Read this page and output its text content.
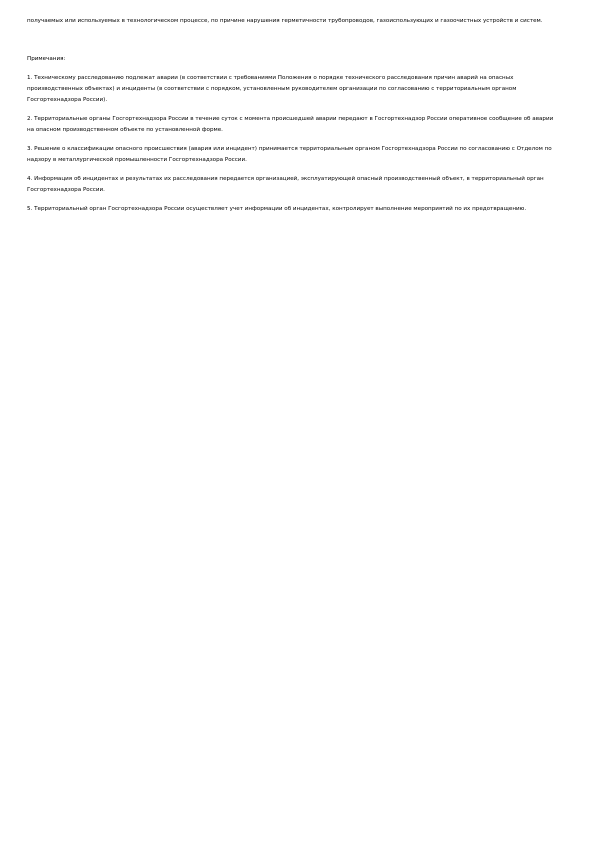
получаемых или используемых в технологическом процессе, по причине нарушения герметичности трубопроводов, газоиспользующих и газоочистных устройств и систем.

Примечания:

1. Техническому расследованию подлежат аварии (в соответствии с требованиями Положения о порядке технического расследования причин аварий на опасных производственных объектах) и инциденты (в соответствии с порядком, установленным руководителем организации по согласованию с территориальным органом Госгортехнадзора России).

2. Территориальные органы Госгортехнадзора России в течение суток с момента происшедшей аварии передают в Госгортехнадзор России оперативное сообщение об аварии на опасном производственном объекте по установленной форме.

3. Решение о классификации опасного происшествия (авария или инцидент) принимается территориальным органом Госгортехнадзора России по согласованию с Отделом по надзору в металлургической промышленности Госгортехнадзора России.

4. Информация об инцидентах и результатах их расследования передается организацией, эксплуатирующей опасный производственный объект, в территориальный орган Госгортехнадзора России.

5. Территориальный орган Госгортехнадзора России осуществляет учет информации об инцидентах, контролирует выполнение мероприятий по их предотвращению.
